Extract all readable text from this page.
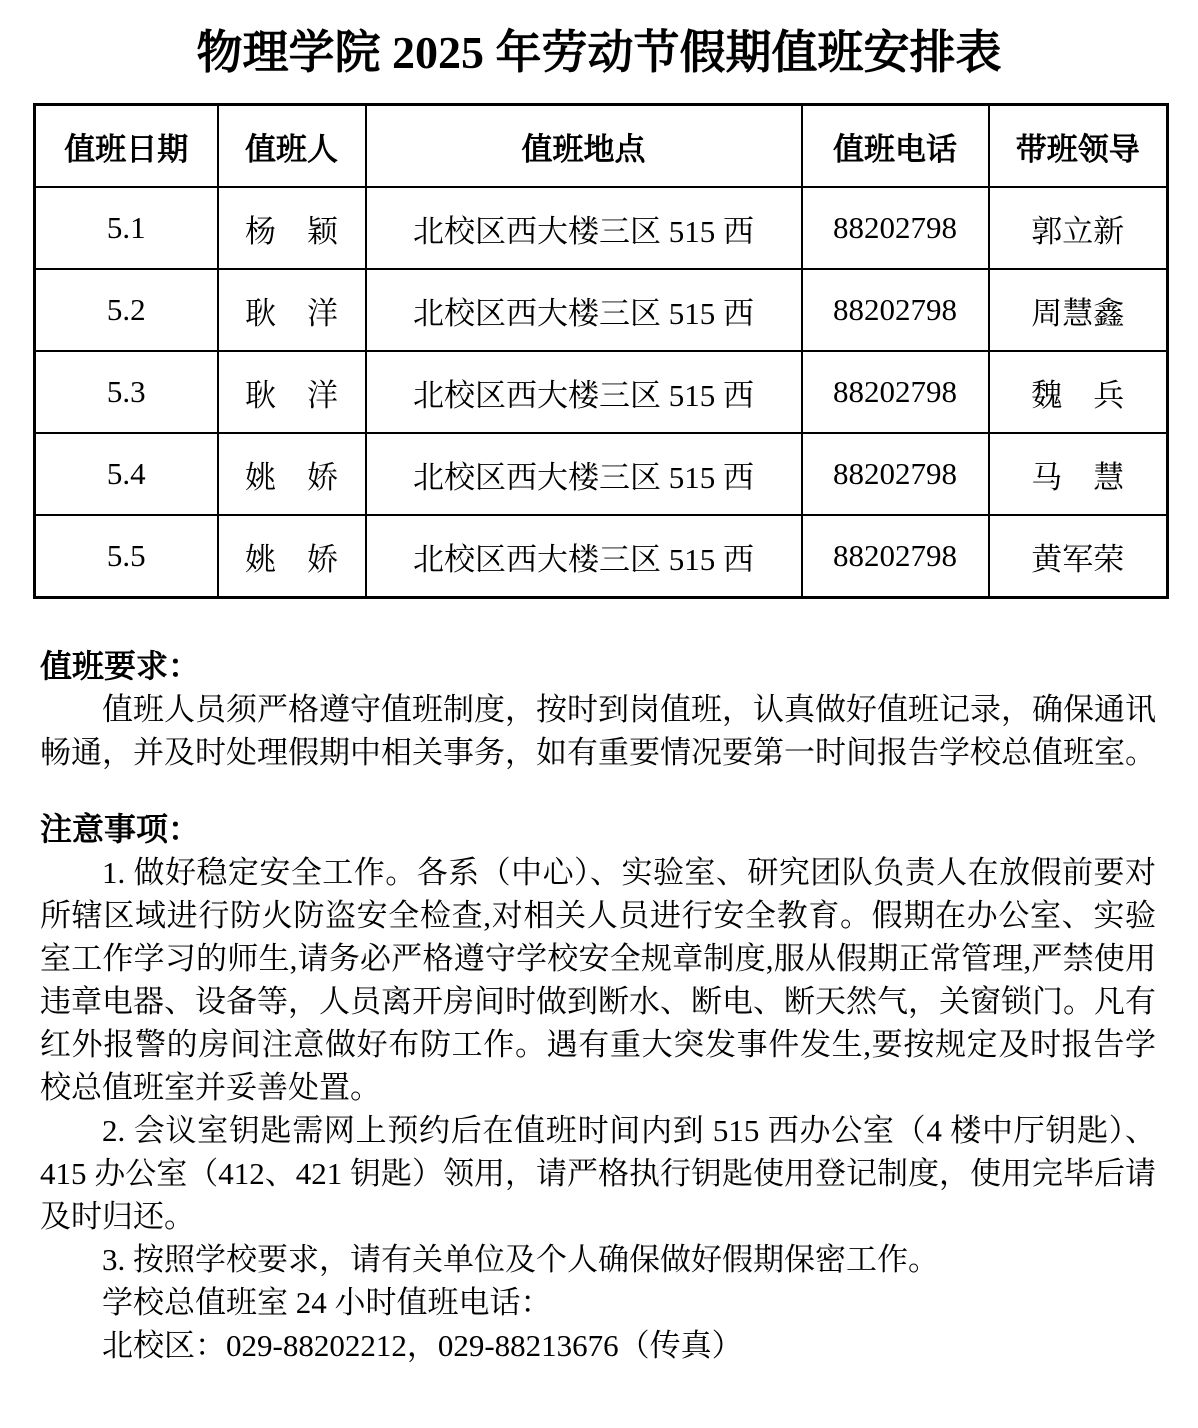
物理学院 2025 年劳动节假期值班安排表
值班日期	值班人	值班地点	值班电话	带班领导
5.1	杨　颖	北校区西大楼三区 515 西	88202798	郭立新
5.2	耿　洋	北校区西大楼三区 515 西	88202798	周慧鑫
5.3	耿　洋	北校区西大楼三区 515 西	88202798	魏　兵
5.4	姚　娇	北校区西大楼三区 515 西	88202798	马　慧
5.5	姚　娇	北校区西大楼三区 515 西	88202798	黄军荣

值班要求：

值班人员须严格遵守值班制度，按时到岗值班，认真做好值班记录，确保通讯畅通，并及时处理假期中相关事务，如有重要情况要第一时间报告学校总值班室。

注意事项：

1. 做好稳定安全工作。各系（中心）、实验室、研究团队负责人在放假前要对所辖区域进行防火防盗安全检查,对相关人员进行安全教育。假期在办公室、实验室工作学习的师生,请务必严格遵守学校安全规章制度,服从假期正常管理,严禁使用违章电器、设备等，人员离开房间时做到断水、断电、断天然气，关窗锁门。凡有红外报警的房间注意做好布防工作。遇有重大突发事件发生,要按规定及时报告学校总值班室并妥善处置。

2. 会议室钥匙需网上预约后在值班时间内到 515 西办公室（4 楼中厅钥匙）、415 办公室（412、421 钥匙）领用，请严格执行钥匙使用登记制度，使用完毕后请及时归还。

3. 按照学校要求，请有关单位及个人确保做好假期保密工作。

学校总值班室 24 小时值班电话：

北校区：029-88202212，029-88213676（传真）
